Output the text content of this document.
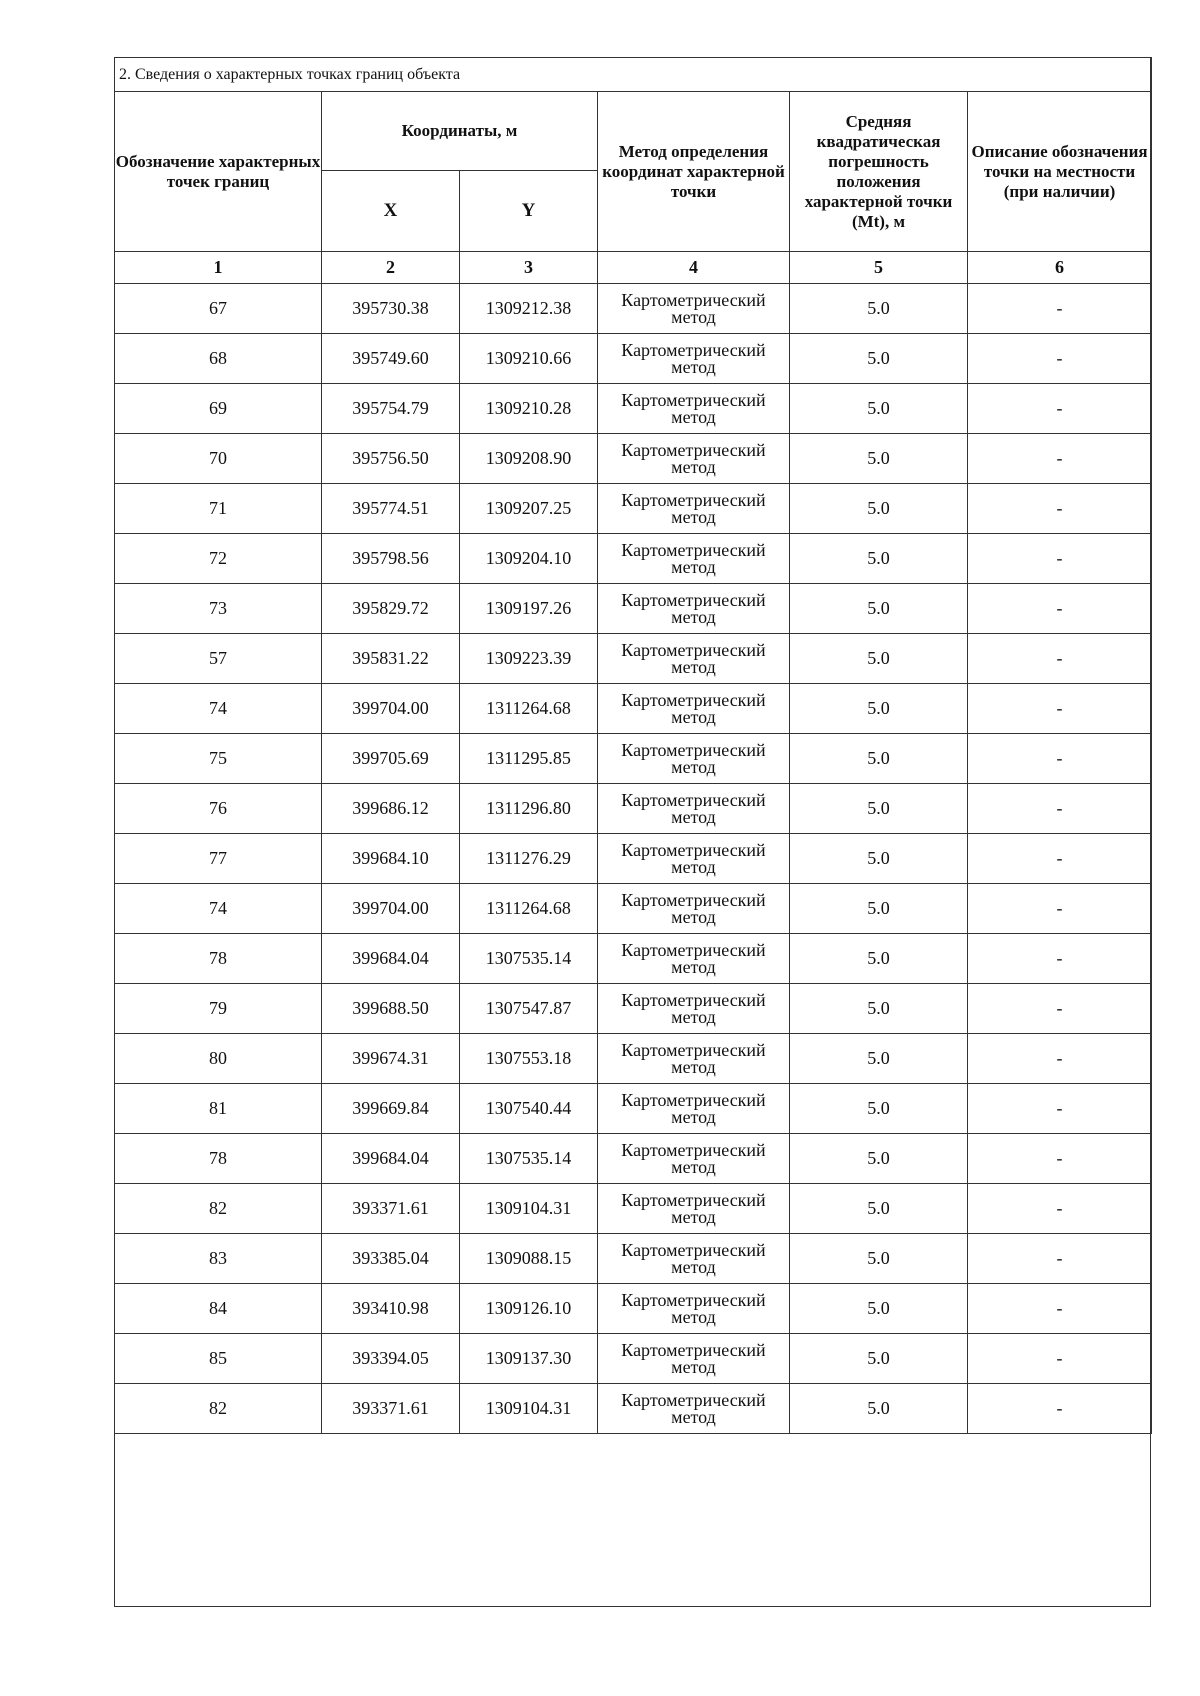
2. Сведения о характерных точках границ объекта					
Обозначение характерных точек границ	Координаты, м		Метод определения координат характерной точки	Средняя квадратическая погрешность положения характерной точки (Mt), м	Описание обозначения точки на местности (при наличии)
	X	Y			
1	2	3	4	5	6
67	395730.38	1309212.38	Картометрический метод	5.0	-
68	395749.60	1309210.66	Картометрический метод	5.0	-
69	395754.79	1309210.28	Картометрический метод	5.0	-
70	395756.50	1309208.90	Картометрический метод	5.0	-
71	395774.51	1309207.25	Картометрический метод	5.0	-
72	395798.56	1309204.10	Картометрический метод	5.0	-
73	395829.72	1309197.26	Картометрический метод	5.0	-
57	395831.22	1309223.39	Картометрический метод	5.0	-
74	399704.00	1311264.68	Картометрический метод	5.0	-
75	399705.69	1311295.85	Картометрический метод	5.0	-
76	399686.12	1311296.80	Картометрический метод	5.0	-
77	399684.10	1311276.29	Картометрический метод	5.0	-
74	399704.00	1311264.68	Картометрический метод	5.0	-
78	399684.04	1307535.14	Картометрический метод	5.0	-
79	399688.50	1307547.87	Картометрический метод	5.0	-
80	399674.31	1307553.18	Картометрический метод	5.0	-
81	399669.84	1307540.44	Картометрический метод	5.0	-
78	399684.04	1307535.14	Картометрический метод	5.0	-
82	393371.61	1309104.31	Картометрический метод	5.0	-
83	393385.04	1309088.15	Картометрический метод	5.0	-
84	393410.98	1309126.10	Картометрический метод	5.0	-
85	393394.05	1309137.30	Картометрический метод	5.0	-
82	393371.61	1309104.31	Картометрический метод	5.0	-
